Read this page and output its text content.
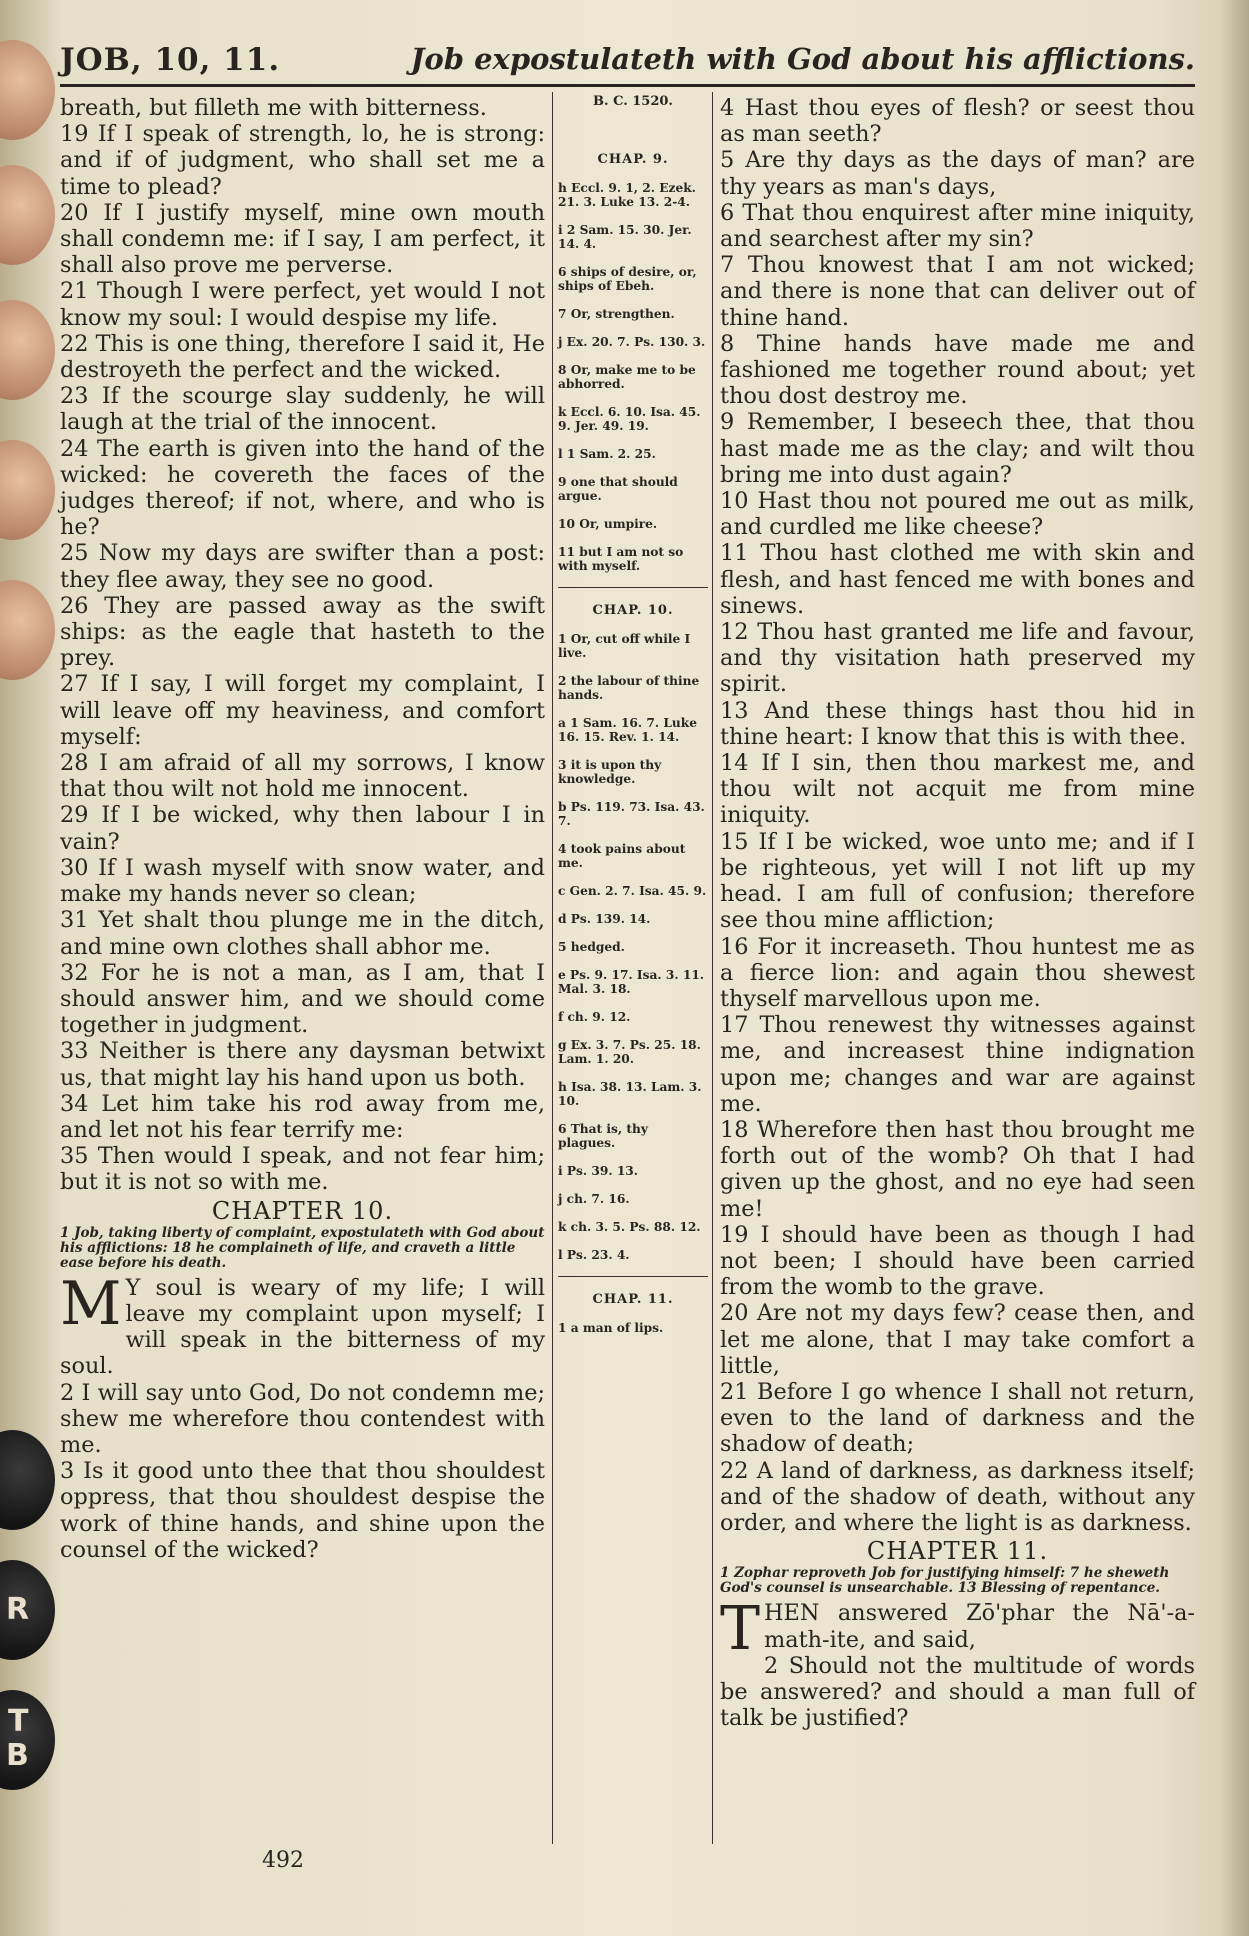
R
T
B
JOB, 10, 11.	Job expostulateth with God about his afflictions.

breath, but filleth me with bitterness.

19 If I speak of strength, lo, he is strong: and if of judgment, who shall set me a time to plead?

20 If I justify myself, mine own mouth shall condemn me: if I say, I am perfect, it shall also prove me perverse.

21 Though I were perfect, yet would I not know my soul: I would despise my life.

22 This is one thing, therefore I said it, He destroyeth the perfect and the wicked.

23 If the scourge slay suddenly, he will laugh at the trial of the innocent.

24 The earth is given into the hand of the wicked: he covereth the faces of the judges thereof; if not, where, and who is he?

25 Now my days are swifter than a post: they flee away, they see no good.

26 They are passed away as the swift ships: as the eagle that hasteth to the prey.

27 If I say, I will forget my complaint, I will leave off my heaviness, and comfort myself:

28 I am afraid of all my sorrows, I know that thou wilt not hold me innocent.

29 If I be wicked, why then labour I in vain?

30 If I wash myself with snow water, and make my hands never so clean;

31 Yet shalt thou plunge me in the ditch, and mine own clothes shall abhor me.

32 For he is not a man, as I am, that I should answer him, and we should come together in judgment.

33 Neither is there any daysman betwixt us, that might lay his hand upon us both.

34 Let him take his rod away from me, and let not his fear terrify me:

35 Then would I speak, and not fear him; but it is not so with me.

CHAPTER 10.
1 Job, taking liberty of complaint, expostulateth with God about his afflictions: 18 he complaineth of life, and craveth a little ease before his death.

M Y soul is weary of my life; I will leave my complaint upon myself; I will speak in the bitterness of my soul.

2 I will say unto God, Do not condemn me; shew me wherefore thou contendest with me.

3 Is it good unto thee that thou shouldest oppress, that thou shouldest despise the work of thine hands, and shine upon the counsel of the wicked?

B. C. 1520.
CHAP. 9.
h Eccl. 9. 1, 2. Ezek. 21. 3. Luke 13. 2-4.
i 2 Sam. 15. 30. Jer. 14. 4.
6 ships of desire, or, ships of Ebeh.
7 Or, strengthen.
j Ex. 20. 7. Ps. 130. 3.
8 Or, make me to be abhorred.
k Eccl. 6. 10. Isa. 45. 9. Jer. 49. 19.
l 1 Sam. 2. 25.
9 one that should argue.
10 Or, umpire.
11 but I am not so with myself.
CHAP. 10.
1 Or, cut off while I live.
2 the labour of thine hands.
a 1 Sam. 16. 7. Luke 16. 15. Rev. 1. 14.
3 it is upon thy knowledge.
b Ps. 119. 73. Isa. 43. 7.
4 took pains about me.
c Gen. 2. 7. Isa. 45. 9.
d Ps. 139. 14.
5 hedged.
e Ps. 9. 17. Isa. 3. 11. Mal. 3. 18.
f ch. 9. 12.
g Ex. 3. 7. Ps. 25. 18. Lam. 1. 20.
h Isa. 38. 13. Lam. 3. 10.
6 That is, thy plagues.
i Ps. 39. 13.
j ch. 7. 16.
k ch. 3. 5. Ps. 88. 12.
l Ps. 23. 4.
CHAP. 11.
1 a man of lips.

4 Hast thou eyes of flesh? or seest thou as man seeth?

5 Are thy days as the days of man? are thy years as man's days,

6 That thou enquirest after mine iniquity, and searchest after my sin?

7 Thou knowest that I am not wicked; and there is none that can deliver out of thine hand.

8 Thine hands have made me and fashioned me together round about; yet thou dost destroy me.

9 Remember, I beseech thee, that thou hast made me as the clay; and wilt thou bring me into dust again?

10 Hast thou not poured me out as milk, and curdled me like cheese?

11 Thou hast clothed me with skin and flesh, and hast fenced me with bones and sinews.

12 Thou hast granted me life and favour, and thy visitation hath preserved my spirit.

13 And these things hast thou hid in thine heart: I know that this is with thee.

14 If I sin, then thou markest me, and thou wilt not acquit me from mine iniquity.

15 If I be wicked, woe unto me; and if I be righteous, yet will I not lift up my head. I am full of confusion; therefore see thou mine affliction;

16 For it increaseth. Thou huntest me as a fierce lion: and again thou shewest thyself marvellous upon me.

17 Thou renewest thy witnesses against me, and increasest thine indignation upon me; changes and war are against me.

18 Wherefore then hast thou brought me forth out of the womb? Oh that I had given up the ghost, and no eye had seen me!

19 I should have been as though I had not been; I should have been carried from the womb to the grave.

20 Are not my days few? cease then, and let me alone, that I may take comfort a little,

21 Before I go whence I shall not return, even to the land of darkness and the shadow of death;

22 A land of darkness, as darkness itself; and of the shadow of death, without any order, and where the light is as darkness.

CHAPTER 11.
1 Zophar reproveth Job for justifying himself: 7 he sheweth God's counsel is unsearchable. 13 Blessing of repentance.

T HEN answered Zō'phar the Nā'-a-math-ite, and said,

2 Should not the multitude of words be answered? and should a man full of talk be justified?

492
